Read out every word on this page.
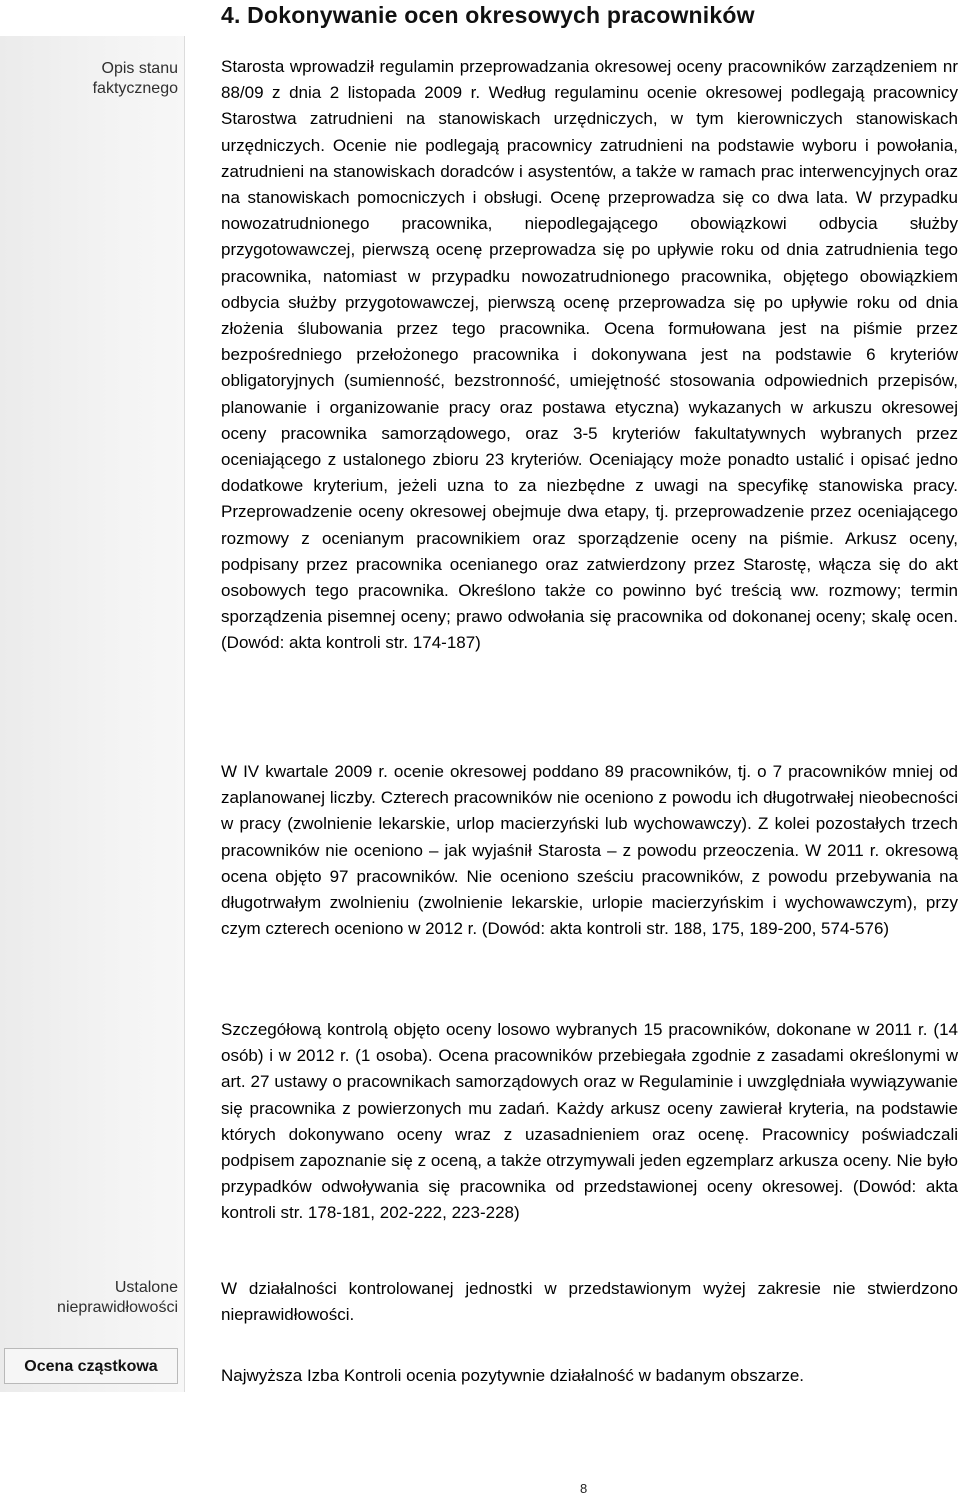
4. Dokonywanie ocen okresowych pracowników
Opis stanu
faktycznego
Ustalone
nieprawidłowości
Ocena cząstkowa

Starosta wprowadził regulamin przeprowadzania okresowej oceny pracowników zarządzeniem nr 88/09 z dnia 2 listopada 2009 r. Według regulaminu ocenie okresowej podlegają pracownicy Starostwa zatrudnieni na stanowiskach urzędniczych, w tym kierowniczych stanowiskach urzędniczych. Ocenie nie podlegają pracownicy zatrudnieni na podstawie wyboru i powołania, zatrudnieni na stanowiskach doradców i asystentów, a także w ramach prac interwencyjnych oraz na stanowiskach pomocniczych i obsługi. Ocenę przeprowadza się co dwa lata. W przypadku nowozatrudnionego pracownika, niepodlegającego obowiązkowi odbycia służby przygotowawczej, pierwszą ocenę przeprowadza się po upływie roku od dnia zatrudnienia tego pracownika, natomiast w przypadku nowozatrudnionego pracownika, objętego obowiązkiem odbycia służby przygotowawczej, pierwszą ocenę przeprowadza się po upływie roku od dnia złożenia ślubowania przez tego pracownika. Ocena formułowana jest na piśmie przez bezpośredniego przełożonego pracownika i dokonywana jest na podstawie 6 kryteriów obligatoryjnych (sumienność, bezstronność, umiejętność stosowania odpowiednich przepisów, planowanie i organizowanie pracy oraz postawa etyczna) wykazanych w arkuszu okresowej oceny pracownika samorządowego, oraz 3-5 kryteriów fakultatywnych wybranych przez oceniającego z ustalonego zbioru 23 kryteriów. Oceniający może ponadto ustalić i opisać jedno dodatkowe kryterium, jeżeli uzna to za niezbędne z uwagi na specyfikę stanowiska pracy. Przeprowadzenie oceny okresowej obejmuje dwa etapy, tj. przeprowadzenie przez oceniającego rozmowy z ocenianym pracownikiem oraz sporządzenie oceny na piśmie. Arkusz oceny, podpisany przez pracownika ocenianego oraz zatwierdzony przez Starostę, włącza się do akt osobowych tego pracownika. Określono także co powinno być treścią ww. rozmowy; termin sporządzenia pisemnej oceny; prawo odwołania się pracownika od dokonanej oceny; skalę ocen. (Dowód: akta kontroli str. 174-187)

W IV kwartale 2009 r. ocenie okresowej poddano 89 pracowników, tj. o 7 pracowników mniej od zaplanowanej liczby. Czterech pracowników nie oceniono z powodu ich długotrwałej nieobecności w pracy (zwolnienie lekarskie, urlop macierzyński lub wychowawczy). Z kolei pozostałych trzech pracowników nie oceniono – jak wyjaśnił Starosta – z powodu przeoczenia. W 2011 r. okresową ocena objęto 97 pracowników. Nie oceniono sześciu pracowników, z powodu przebywania na długotrwałym zwolnieniu (zwolnienie lekarskie, urlopie macierzyńskim i wychowawczym), przy czym czterech oceniono w 2012 r. (Dowód: akta kontroli str. 188, 175, 189-200, 574-576)

Szczegółową kontrolą objęto oceny losowo wybranych 15 pracowników, dokonane w 2011 r. (14 osób) i w 2012 r. (1 osoba). Ocena pracowników przebiegała zgodnie z zasadami określonymi w art. 27 ustawy o pracownikach samorządowych oraz w Regulaminie i uwzględniała wywiązywanie się pracownika z powierzonych mu zadań. Każdy arkusz oceny zawierał kryteria, na podstawie których dokonywano oceny wraz z uzasadnieniem oraz ocenę. Pracownicy poświadczali podpisem zapoznanie się z oceną, a także otrzymywali jeden egzemplarz arkusza oceny. Nie było przypadków odwoływania się pracownika od przedstawionej oceny okresowej. (Dowód: akta kontroli str. 178-181, 202-222, 223-228)

W działalności kontrolowanej jednostki w przedstawionym wyżej zakresie nie stwierdzono nieprawidłowości.

Najwyższa Izba Kontroli ocenia pozytywnie działalność w badanym obszarze.

8
